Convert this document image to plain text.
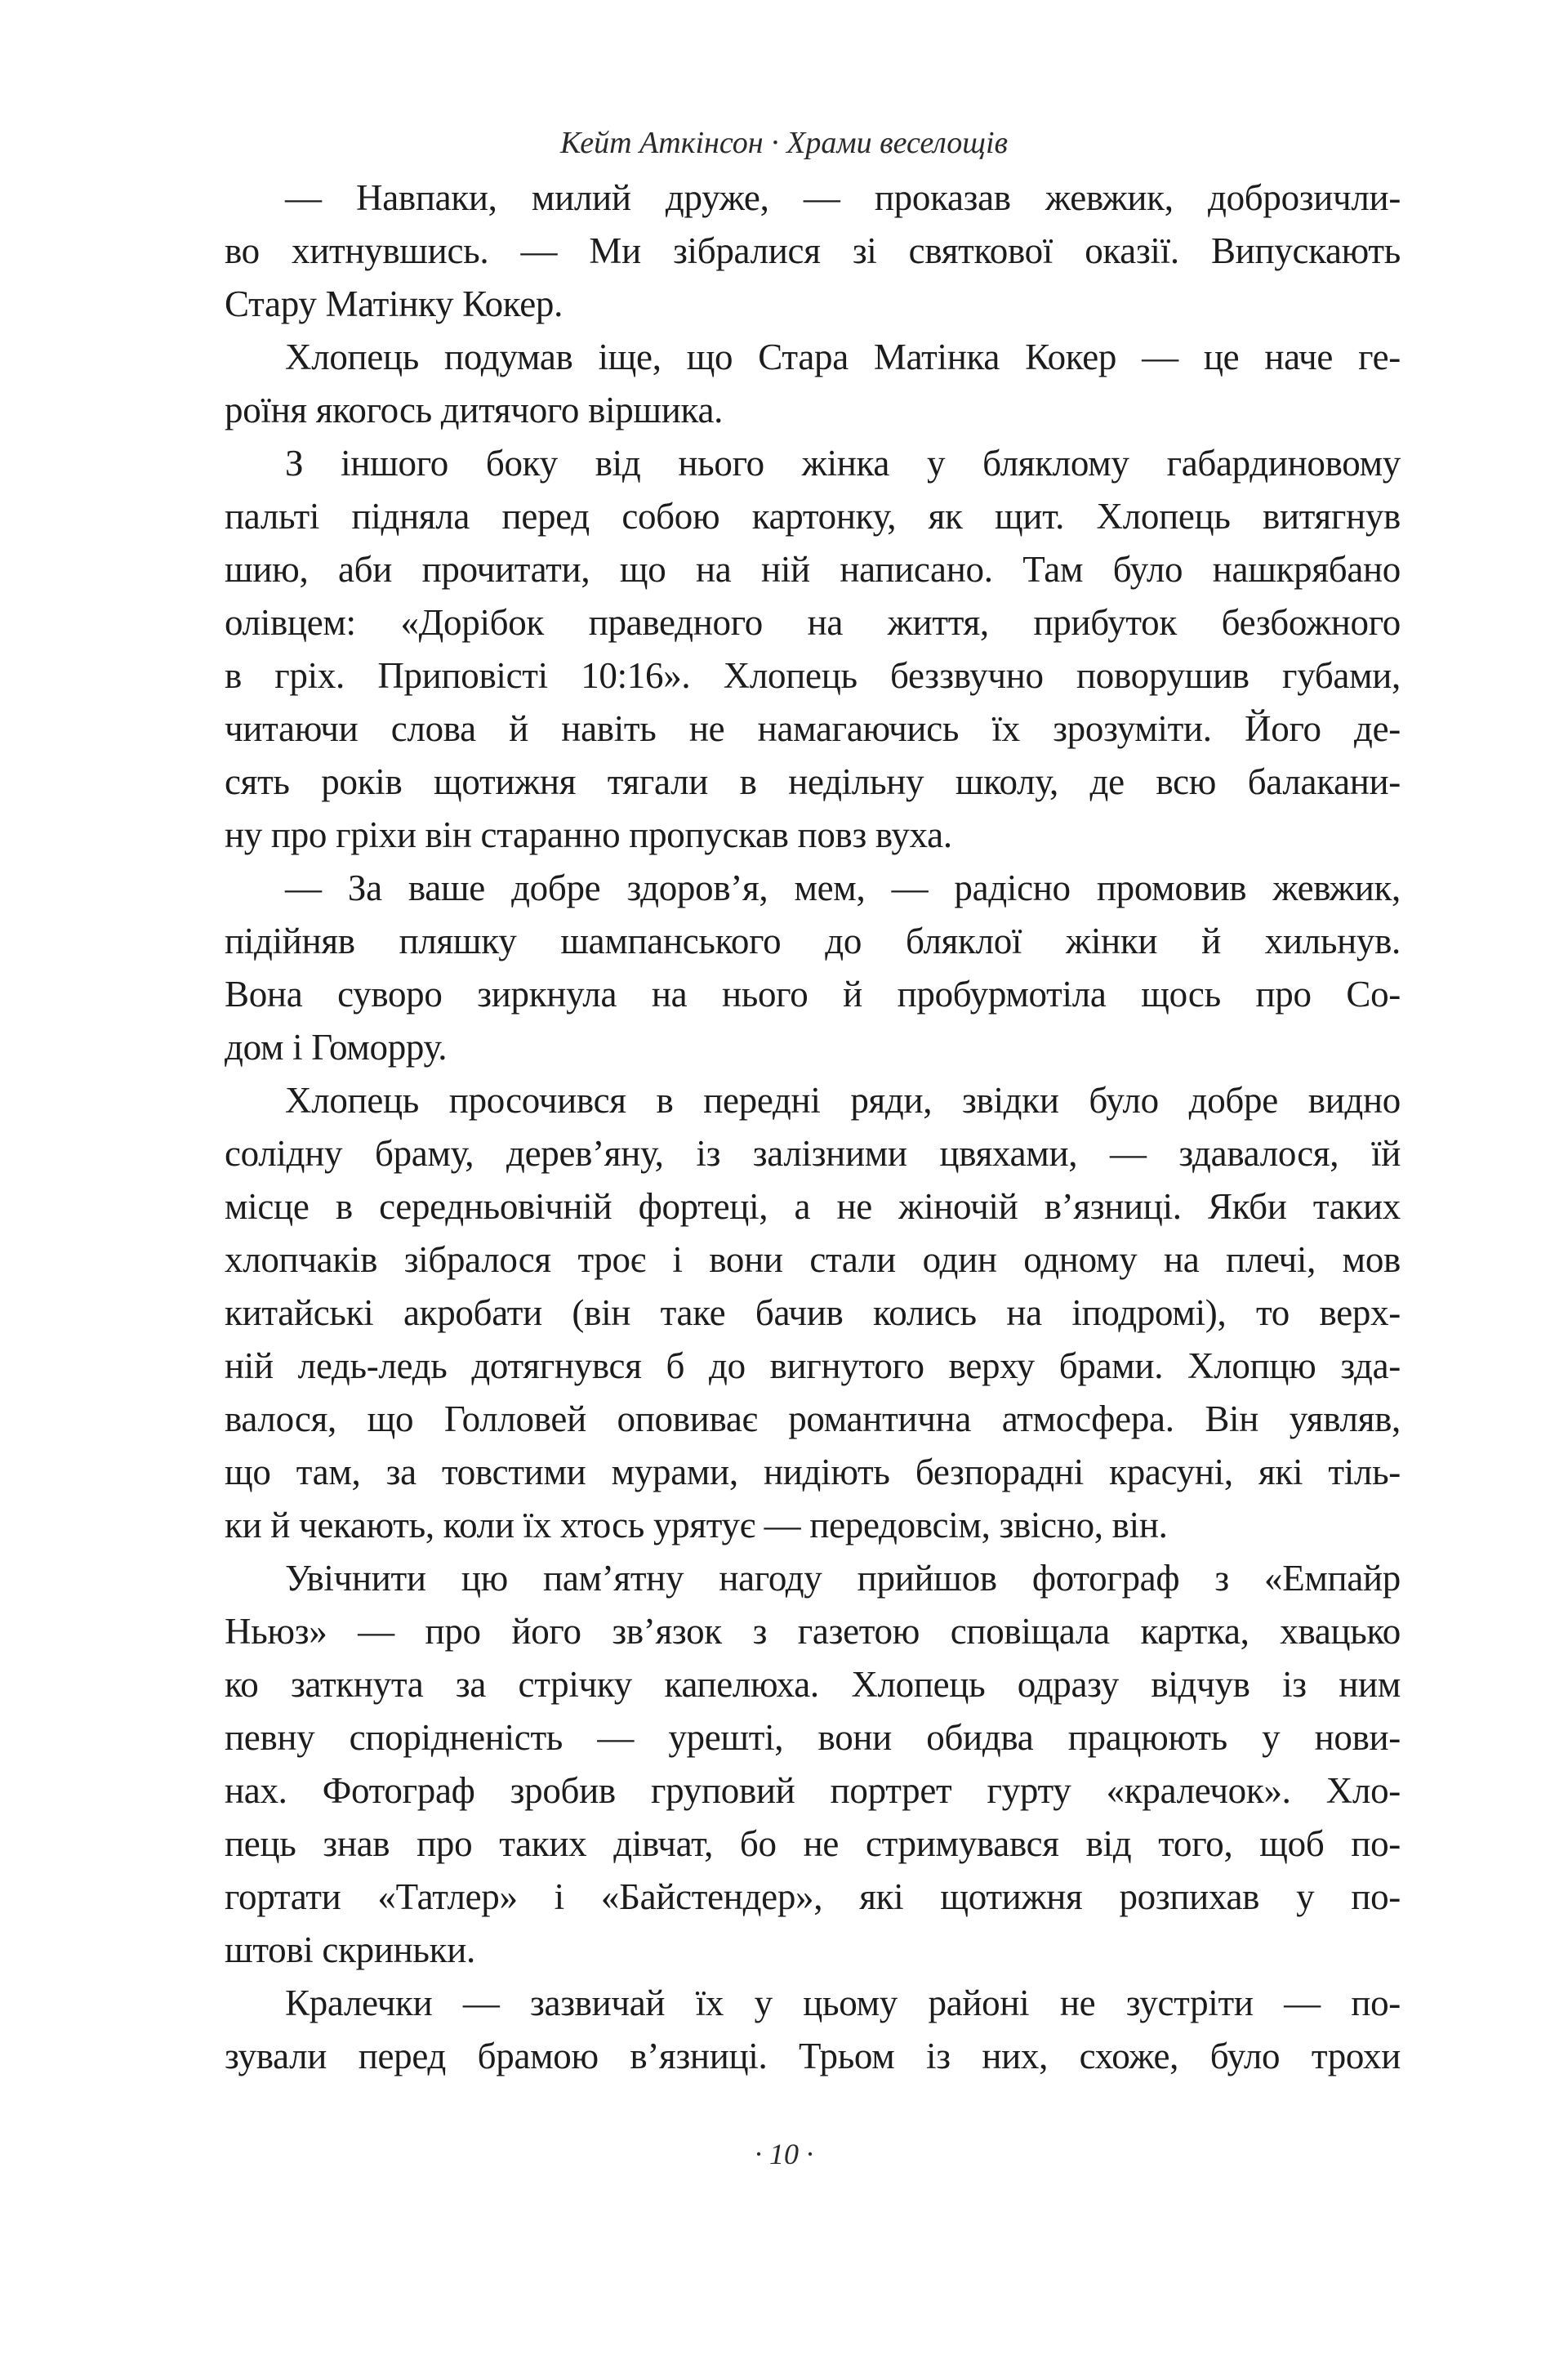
Кейт Аткінсон · Храми веселощів
— Навпаки, милий друже, — проказав жевжик, доброзичли-
во хитнувшись. — Ми зібралися зі святкової оказії. Випускають
Стару Матінку Кокер.
Хлопець подумав іще, що Стара Матінка Кокер — це наче ге-
роїня якогось дитячого віршика.
З іншого боку від нього жінка у бляклому габардиновому
пальті підняла перед собою картонку, як щит. Хлопець витягнув
шию, аби прочитати, що на ній написано. Там було нашкрябано
олівцем: «Дорібок праведного на життя, прибуток безбожного
в гріх. Приповісті 10:16». Хлопець беззвучно поворушив губами,
читаючи слова й навіть не намагаючись їх зрозуміти. Його де-
сять років щотижня тягали в недільну школу, де всю балакани-
ну про гріхи він старанно пропускав повз вуха.
— За ваше добре здоров’я, мем, — радісно промовив жевжик,
підійняв пляшку шампанського до бляклої жінки й хильнув.
Вона суворо зиркнула на нього й пробурмотіла щось про Со-
дом і Гоморру.
Хлопець просочився в передні ряди, звідки було добре видно
солідну браму, дерев’яну, із залізними цвяхами, — здавалося, їй
місце в середньовічній фортеці, а не жіночій в’язниці. Якби таких
хлопчаків зібралося троє і вони стали один одному на плечі, мов
китайські акробати (він таке бачив колись на іподромі), то верх-
ній ледь-ледь дотягнувся б до вигнутого верху брами. Хлопцю зда-
валося, що Голловей оповиває романтична атмосфера. Він уявляв,
що там, за товстими мурами, нидіють безпорадні красуні, які тіль-
ки й чекають, коли їх хтось урятує — передовсім, звісно, він.
Увічнити цю пам’ятну нагоду прийшов фотограф з «Емпайр
Ньюз» — про його зв’язок з газетою сповіщала картка, хвацько
ко заткнута за стрічку капелюха. Хлопець одразу відчув із ним
певну спорідненість — урешті, вони обидва працюють у нови-
нах. Фотограф зробив груповий портрет гурту «кралечок». Хло-
пець знав про таких дівчат, бо не стримувався від того, щоб по-
гортати «Татлер» і «Байстендер», які щотижня розпихав у по-
штові скриньки.
Кралечки — зазвичай їх у цьому районі не зустріти — по-
зували перед брамою в’язниці. Трьом із них, схоже, було трохи
· 10 ·
